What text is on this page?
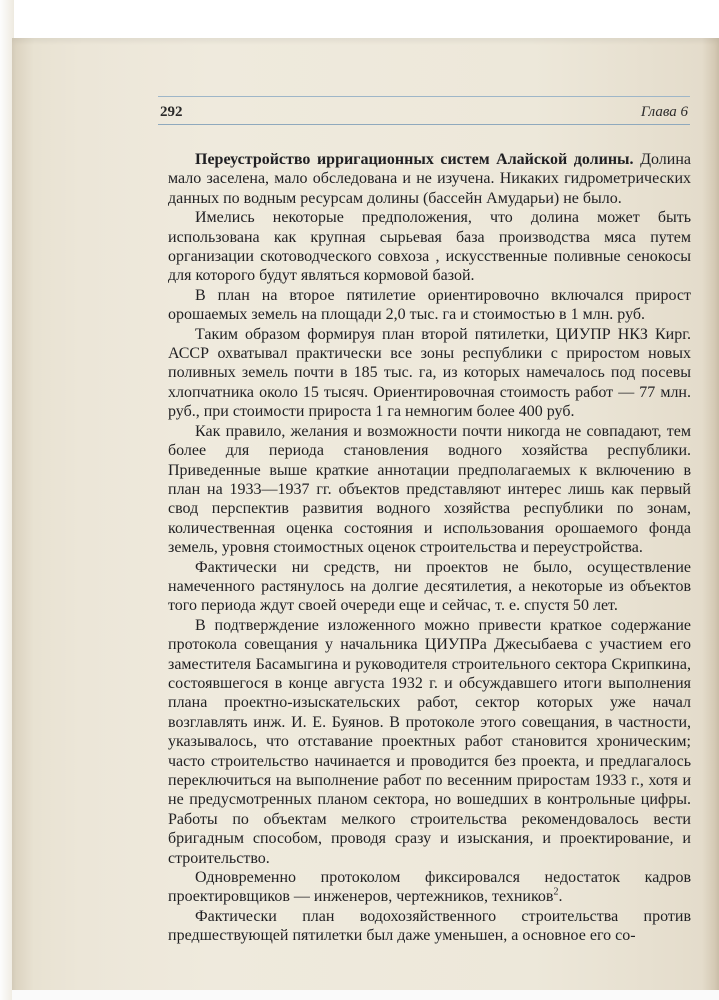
292	Глава 6

Переустройство ирригационных систем Алайской долины. Долина мало заселена, мало обследована и не изучена. Никаких гидрометрических данных по водным ресурсам долины (бассейн Амударьи) не было.

Имелись некоторые предположения, что долина может быть использована как крупная сырьевая база производства мяса путем организации скотоводческого совхоза , искусственные поливные сенокосы для которого будут являться кормовой базой.

В план на второе пятилетие ориентировочно включался прирост орошаемых земель на площади 2,0 тыс. га и стоимостью в 1 млн. руб.

Таким образом формируя план второй пятилетки, ЦИУПР НКЗ Кирг. АССР охватывал практически все зоны республики с приростом новых поливных земель почти в 185 тыс. га, из которых намечалось под посевы хлопчатника около 15 тысяч. Ориентировочная стоимость работ — 77 млн. руб., при стоимости прироста 1 га немногим более 400 руб.

Как правило, желания и возможности почти никогда не совпадают, тем более для периода становления водного хозяйства республики. Приведенные выше краткие аннотации предполагаемых к включению в план на 1933—1937 гг. объектов представляют интерес лишь как первый свод перспектив развития водного хозяйства республики по зонам, количественная оценка состояния и использования орошаемого фонда земель, уровня стоимостных оценок строительства и переустройства.

Фактически ни средств, ни проектов не было, осуществление намеченного растянулось на долгие десятилетия, а некоторые из объектов того периода ждут своей очереди еще и сейчас, т. е. спустя 50 лет.

В подтверждение изложенного можно привести краткое содержание протокола совещания у начальника ЦИУПРа Джесыбаева с участием его заместителя Басамыгина и руководителя строительного сектора Скрипкина, состоявшегося в конце августа 1932 г. и обсуждавшего итоги выполнения плана проектно-изыскательских работ, сектор которых уже начал возглавлять инж. И. Е. Буянов. В протоколе этого совещания, в частности, указывалось, что отставание проектных работ становится хроническим; часто строительство начинается и проводится без проекта, и предлагалось переключиться на выполнение работ по весенним приростам 1933 г., хотя и не предусмотренных планом сектора, но вошедших в контрольные цифры. Работы по объектам мелкого строительства рекомендовалось вести бригадным способом, проводя сразу и изыскания, и проектирование, и строительство.

Одновременно протоколом фиксировался недостаток кадров проектировщиков — инженеров, чертежников, техников$^2$.

Фактически план водохозяйственного строительства против предшествующей пятилетки был даже уменьшен, а основное его со-
